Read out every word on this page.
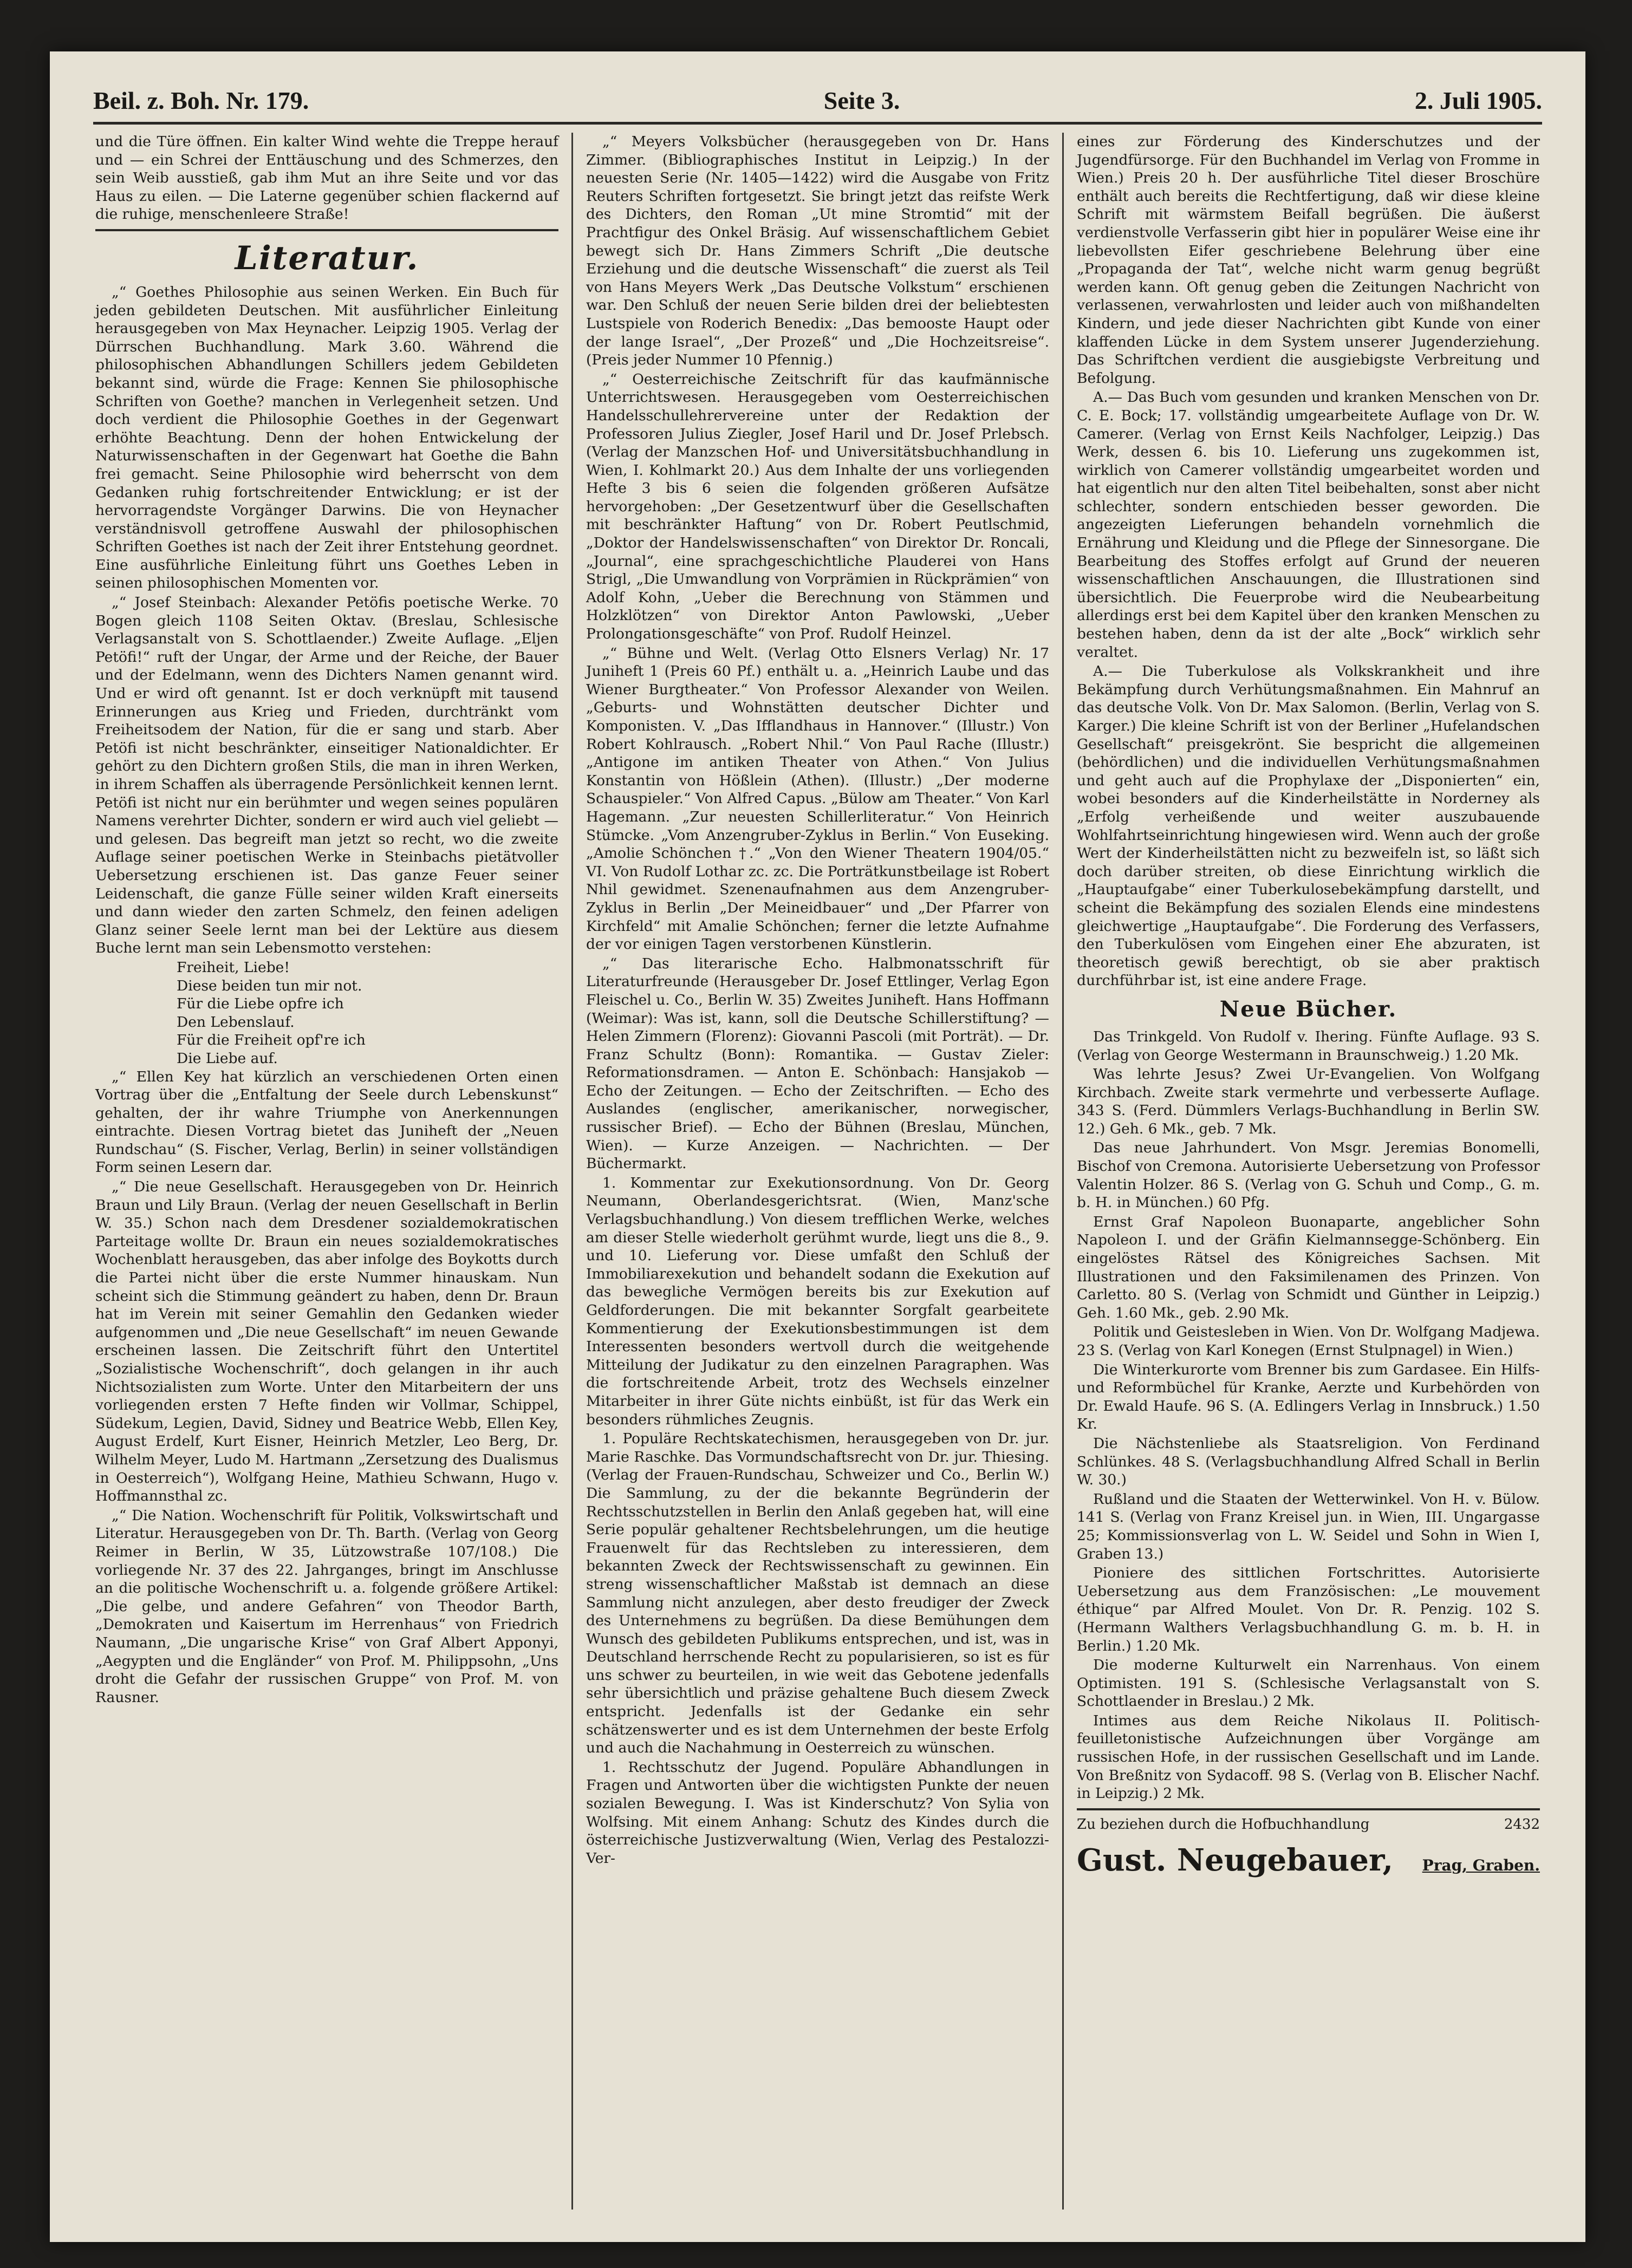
Beil. z. Boh. Nr. 179.	Seite 3.	2. Juli 1905.

und die Türe öffnen. Ein kalter Wind wehte die Treppe herauf und — ein Schrei der Enttäuschung und des Schmerzes, den sein Weib ausstieß, gab ihm Mut an ihre Seite und vor das Haus zu eilen. — Die Laterne gegenüber schien flackernd auf die ruhige, menschenleere Straße!

Literatur.

„“ Goethes Philosophie aus seinen Werken. Ein Buch für jeden gebildeten Deutschen. Mit ausführlicher Einleitung herausgegeben von Max Heynacher. Leipzig 1905. Verlag der Dürrschen Buchhandlung. Mark 3.60. Während die philosophischen Abhandlungen Schillers jedem Gebildeten bekannt sind, würde die Frage: Kennen Sie philosophische Schriften von Goethe? manchen in Verlegenheit setzen. Und doch verdient die Philosophie Goethes in der Gegenwart erhöhte Beachtung. Denn der hohen Entwickelung der Naturwissenschaften in der Gegenwart hat Goethe die Bahn frei gemacht. Seine Philosophie wird beherrscht von dem Gedanken ruhig fortschreitender Entwicklung; er ist der hervorragendste Vorgänger Darwins. Die von Heynacher verständnisvoll getroffene Auswahl der philosophischen Schriften Goethes ist nach der Zeit ihrer Entstehung geordnet. Eine ausführliche Einleitung führt uns Goethes Leben in seinen philosophischen Momenten vor.

„“ Josef Steinbach: Alexander Petöfis poetische Werke. 70 Bogen gleich 1108 Seiten Oktav. (Breslau, Schlesische Verlagsanstalt von S. Schottlaender.) Zweite Auflage. „Eljen Petöfi!“ ruft der Ungar, der Arme und der Reiche, der Bauer und der Edelmann, wenn des Dichters Namen genannt wird. Und er wird oft genannt. Ist er doch verknüpft mit tausend Erinnerungen aus Krieg und Frieden, durchtränkt vom Freiheitsodem der Nation, für die er sang und starb. Aber Petöfi ist nicht beschränkter, einseitiger Nationaldichter. Er gehört zu den Dichtern großen Stils, die man in ihren Werken, in ihrem Schaffen als überragende Persönlichkeit kennen lernt. Petöfi ist nicht nur ein berühmter und wegen seines populären Namens verehrter Dichter, sondern er wird auch viel geliebt — und gelesen. Das begreift man jetzt so recht, wo die zweite Auflage seiner poetischen Werke in Steinbachs pietätvoller Uebersetzung erschienen ist. Das ganze Feuer seiner Leidenschaft, die ganze Fülle seiner wilden Kraft einerseits und dann wieder den zarten Schmelz, den feinen adeligen Glanz seiner Seele lernt man bei der Lektüre aus diesem Buche lernt man sein Lebensmotto verstehen:

Freiheit, Liebe!

Diese beiden tun mir not.

Für die Liebe opfre ich

Den Lebenslauf.

Für die Freiheit opf're ich

Die Liebe auf.

„“ Ellen Key hat kürzlich an verschiedenen Orten einen Vortrag über die „Entfaltung der Seele durch Lebenskunst“ gehalten, der ihr wahre Triumphe von Anerkennungen eintrachte. Diesen Vortrag bietet das Juniheft der „Neuen Rundschau“ (S. Fischer, Verlag, Berlin) in seiner vollständigen Form seinen Lesern dar.

„“ Die neue Gesellschaft. Herausgegeben von Dr. Heinrich Braun und Lily Braun. (Verlag der neuen Gesellschaft in Berlin W. 35.) Schon nach dem Dresdener sozialdemokratischen Parteitage wollte Dr. Braun ein neues sozialdemokratisches Wochenblatt herausgeben, das aber infolge des Boykotts durch die Partei nicht über die erste Nummer hinauskam. Nun scheint sich die Stimmung geändert zu haben, denn Dr. Braun hat im Verein mit seiner Gemahlin den Gedanken wieder aufgenommen und „Die neue Gesellschaft“ im neuen Gewande erscheinen lassen. Die Zeitschrift führt den Untertitel „Sozialistische Wochenschrift“, doch gelangen in ihr auch Nichtsozialisten zum Worte. Unter den Mitarbeitern der uns vorliegenden ersten 7 Hefte finden wir Vollmar, Schippel, Südekum, Legien, David, Sidney und Beatrice Webb, Ellen Key, August Erdelf, Kurt Eisner, Heinrich Metzler, Leo Berg, Dr. Wilhelm Meyer, Ludo M. Hartmann „Zersetzung des Dualismus in Oesterreich“), Wolfgang Heine, Mathieu Schwann, Hugo v. Hoffmannsthal zc.

„“ Die Nation. Wochenschrift für Politik, Volkswirtschaft und Literatur. Herausgegeben von Dr. Th. Barth. (Verlag von Georg Reimer in Berlin, W 35, Lützowstraße 107/108.) Die vorliegende Nr. 37 des 22. Jahrganges, bringt im Anschlusse an die politische Wochenschrift u. a. folgende größere Artikel: „Die gelbe, und andere Gefahren“ von Theodor Barth, „Demokraten und Kaisertum im Herrenhaus“ von Friedrich Naumann, „Die ungarische Krise“ von Graf Albert Apponyi, „Aegypten und die Engländer“ von Prof. M. Philippsohn, „Uns droht die Gefahr der russischen Gruppe“ von Prof. M. von Rausner.

„“ Meyers Volksbücher (herausgegeben von Dr. Hans Zimmer. (Bibliographisches Institut in Leipzig.) In der neuesten Serie (Nr. 1405—1422) wird die Ausgabe von Fritz Reuters Schriften fortgesetzt. Sie bringt jetzt das reifste Werk des Dichters, den Roman „Ut mine Stromtid“ mit der Prachtfigur des Onkel Bräsig. Auf wissenschaftlichem Gebiet bewegt sich Dr. Hans Zimmers Schrift „Die deutsche Erziehung und die deutsche Wissenschaft“ die zuerst als Teil von Hans Meyers Werk „Das Deutsche Volkstum“ erschienen war. Den Schluß der neuen Serie bilden drei der beliebtesten Lustspiele von Roderich Benedix: „Das bemooste Haupt oder der lange Israel“, „Der Prozeß“ und „Die Hochzeitsreise“. (Preis jeder Nummer 10 Pfennig.)

„“ Oesterreichische Zeitschrift für das kaufmännische Unterrichtswesen. Herausgegeben vom Oesterreichischen Handelsschullehrervereine unter der Redaktion der Professoren Julius Ziegler, Josef Haril und Dr. Josef Prlebsch. (Verlag der Manzschen Hof- und Universitätsbuchhandlung in Wien, I. Kohlmarkt 20.) Aus dem Inhalte der uns vorliegenden Hefte 3 bis 6 seien die folgenden größeren Aufsätze hervorgehoben: „Der Gesetzentwurf über die Gesellschaften mit beschränkter Haftung“ von Dr. Robert Peutlschmid, „Doktor der Handelswissenschaften“ von Direktor Dr. Roncali, „Journal“, eine sprachgeschichtliche Plauderei von Hans Strigl, „Die Umwandlung von Vorprämien in Rückprämien“ von Adolf Kohn, „Ueber die Berechnung von Stämmen und Holzklötzen“ von Direktor Anton Pawlowski, „Ueber Prolongationsgeschäfte“ von Prof. Rudolf Heinzel.

„“ Bühne und Welt. (Verlag Otto Elsners Verlag) Nr. 17 Juniheft 1 (Preis 60 Pf.) enthält u. a. „Heinrich Laube und das Wiener Burgtheater.“ Von Professor Alexander von Weilen. „Geburts- und Wohnstätten deutscher Dichter und Komponisten. V. „Das Ifflandhaus in Hannover.“ (Illustr.) Von Robert Kohlrausch. „Robert Nhil.“ Von Paul Rache (Illustr.) „Antigone im antiken Theater von Athen.“ Von Julius Konstantin von Hößlein (Athen). (Illustr.) „Der moderne Schauspieler.“ Von Alfred Capus. „Bülow am Theater.“ Von Karl Hagemann. „Zur neuesten Schillerliteratur.“ Von Heinrich Stümcke. „Vom Anzengruber-Zyklus in Berlin.“ Von Euseking. „Amolie Schönchen †.“ „Von den Wiener Theatern 1904/05.“ VI. Von Rudolf Lothar zc. zc. Die Porträtkunstbeilage ist Robert Nhil gewidmet. Szenenaufnahmen aus dem Anzengruber-Zyklus in Berlin „Der Meineidbauer“ und „Der Pfarrer von Kirchfeld“ mit Amalie Schönchen; ferner die letzte Aufnahme der vor einigen Tagen verstorbenen Künstlerin.

„“ Das literarische Echo. Halbmonatsschrift für Literaturfreunde (Herausgeber Dr. Josef Ettlinger, Verlag Egon Fleischel u. Co., Berlin W. 35) Zweites Juniheft. Hans Hoffmann (Weimar): Was ist, kann, soll die Deutsche Schillerstiftung? — Helen Zimmern (Florenz): Giovanni Pascoli (mit Porträt). — Dr. Franz Schultz (Bonn): Romantika. — Gustav Zieler: Reformationsdramen. — Anton E. Schönbach: Hansjakob — Echo der Zeitungen. — Echo der Zeitschriften. — Echo des Auslandes (englischer, amerikanischer, norwegischer, russischer Brief). — Echo der Bühnen (Breslau, München, Wien). — Kurze Anzeigen. — Nachrichten. — Der Büchermarkt.

1. Kommentar zur Exekutionsordnung. Von Dr. Georg Neumann, Oberlandesgerichtsrat. (Wien, Manz'sche Verlagsbuchhandlung.) Von diesem trefflichen Werke, welches am dieser Stelle wiederholt gerühmt wurde, liegt uns die 8., 9. und 10. Lieferung vor. Diese umfaßt den Schluß der Immobiliarexekution und behandelt sodann die Exekution auf das bewegliche Vermögen bereits bis zur Exekution auf Geldforderungen. Die mit bekannter Sorgfalt gearbeitete Kommentierung der Exekutionsbestimmungen ist dem Interessenten besonders wertvoll durch die weitgehende Mitteilung der Judikatur zu den einzelnen Paragraphen. Was die fortschreitende Arbeit, trotz des Wechsels einzelner Mitarbeiter in ihrer Güte nichts einbüßt, ist für das Werk ein besonders rühmliches Zeugnis.

1. Populäre Rechtskatechismen, herausgegeben von Dr. jur. Marie Raschke. Das Vormundschaftsrecht von Dr. jur. Thiesing. (Verlag der Frauen-Rundschau, Schweizer und Co., Berlin W.) Die Sammlung, zu der die bekannte Begründerin der Rechtsschutzstellen in Berlin den Anlaß gegeben hat, will eine Serie populär gehaltener Rechtsbelehrungen, um die heutige Frauenwelt für das Rechtsleben zu interessieren, dem bekannten Zweck der Rechtswissenschaft zu gewinnen. Ein streng wissenschaftlicher Maßstab ist demnach an diese Sammlung nicht anzulegen, aber desto freudiger der Zweck des Unternehmens zu begrüßen. Da diese Bemühungen dem Wunsch des gebildeten Publikums entsprechen, und ist, was in Deutschland herrschende Recht zu popularisieren, so ist es für uns schwer zu beurteilen, in wie weit das Gebotene jedenfalls sehr übersichtlich und präzise gehaltene Buch diesem Zweck entspricht. Jedenfalls ist der Gedanke ein sehr schätzenswerter und es ist dem Unternehmen der beste Erfolg und auch die Nachahmung in Oesterreich zu wünschen.

1. Rechtsschutz der Jugend. Populäre Abhandlungen in Fragen und Antworten über die wichtigsten Punkte der neuen sozialen Bewegung. I. Was ist Kinderschutz? Von Sylia von Wolfsing. Mit einem Anhang: Schutz des Kindes durch die österreichische Justizverwaltung (Wien, Verlag des Pestalozzi-Ver-

eines zur Förderung des Kinderschutzes und der Jugendfürsorge. Für den Buchhandel im Verlag von Fromme in Wien.) Preis 20 h. Der ausführliche Titel dieser Broschüre enthält auch bereits die Rechtfertigung, daß wir diese kleine Schrift mit wärmstem Beifall begrüßen. Die äußerst verdienstvolle Verfasserin gibt hier in populärer Weise eine ihr liebevollsten Eifer geschriebene Belehrung über eine „Propaganda der Tat“, welche nicht warm genug begrüßt werden kann. Oft genug geben die Zeitungen Nachricht von verlassenen, verwahrlosten und leider auch von mißhandelten Kindern, und jede dieser Nachrichten gibt Kunde von einer klaffenden Lücke in dem System unserer Jugenderziehung. Das Schriftchen verdient die ausgiebigste Verbreitung und Befolgung.

A.— Das Buch vom gesunden und kranken Menschen von Dr. C. E. Bock; 17. vollständig umgearbeitete Auflage von Dr. W. Camerer. (Verlag von Ernst Keils Nachfolger, Leipzig.) Das Werk, dessen 6. bis 10. Lieferung uns zugekommen ist, wirklich von Camerer vollständig umgearbeitet worden und hat eigentlich nur den alten Titel beibehalten, sonst aber nicht schlechter, sondern entschieden besser geworden. Die angezeigten Lieferungen behandeln vornehmlich die Ernährung und Kleidung und die Pflege der Sinnesorgane. Die Bearbeitung des Stoffes erfolgt auf Grund der neueren wissenschaftlichen Anschauungen, die Illustrationen sind übersichtlich. Die Feuerprobe wird die Neubearbeitung allerdings erst bei dem Kapitel über den kranken Menschen zu bestehen haben, denn da ist der alte „Bock“ wirklich sehr veraltet.

A.— Die Tuberkulose als Volkskrankheit und ihre Bekämpfung durch Verhütungsmaßnahmen. Ein Mahnruf an das deutsche Volk. Von Dr. Max Salomon. (Berlin, Verlag von S. Karger.) Die kleine Schrift ist von der Berliner „Hufelandschen Gesellschaft“ preisgekrönt. Sie bespricht die allgemeinen (behördlichen) und die individuellen Verhütungsmaßnahmen und geht auch auf die Prophylaxe der „Disponierten“ ein, wobei besonders auf die Kinderheilstätte in Norderney als „Erfolg verheißende und weiter auszubauende Wohlfahrtseinrichtung hingewiesen wird. Wenn auch der große Wert der Kinderheilstätten nicht zu bezweifeln ist, so läßt sich doch darüber streiten, ob diese Einrichtung wirklich die „Hauptaufgabe“ einer Tuberkulosebekämpfung darstellt, und scheint die Bekämpfung des sozialen Elends eine mindestens gleichwertige „Hauptaufgabe“. Die Forderung des Verfassers, den Tuberkulösen vom Eingehen einer Ehe abzuraten, ist theoretisch gewiß berechtigt, ob sie aber praktisch durchführbar ist, ist eine andere Frage.

Neue Bücher.

Das Trinkgeld. Von Rudolf v. Ihering. Fünfte Auflage. 93 S. (Verlag von George Westermann in Braunschweig.) 1.20 Mk.

Was lehrte Jesus? Zwei Ur-Evangelien. Von Wolfgang Kirchbach. Zweite stark vermehrte und verbesserte Auflage. 343 S. (Ferd. Dümmlers Verlags-Buchhandlung in Berlin SW. 12.) Geh. 6 Mk., geb. 7 Mk.

Das neue Jahrhundert. Von Msgr. Jeremias Bonomelli, Bischof von Cremona. Autorisierte Uebersetzung von Professor Valentin Holzer. 86 S. (Verlag von G. Schuh und Comp., G. m. b. H. in München.) 60 Pfg.

Ernst Graf Napoleon Buonaparte, angeblicher Sohn Napoleon I. und der Gräfin Kielmannsegge-Schönberg. Ein eingelöstes Rätsel des Königreiches Sachsen. Mit Illustrationen und den Faksimilenamen des Prinzen. Von Carletto. 80 S. (Verlag von Schmidt und Günther in Leipzig.) Geh. 1.60 Mk., geb. 2.90 Mk.

Politik und Geistesleben in Wien. Von Dr. Wolfgang Madjewa. 23 S. (Verlag von Karl Konegen (Ernst Stulpnagel) in Wien.)

Die Winterkurorte vom Brenner bis zum Gardasee. Ein Hilfs- und Reformbüchel für Kranke, Aerzte und Kurbehörden von Dr. Ewald Haufe. 96 S. (A. Edlingers Verlag in Innsbruck.) 1.50 Kr.

Die Nächstenliebe als Staatsreligion. Von Ferdinand Schlünkes. 48 S. (Verlagsbuchhandlung Alfred Schall in Berlin W. 30.)

Rußland und die Staaten der Wetterwinkel. Von H. v. Bülow. 141 S. (Verlag von Franz Kreisel jun. in Wien, III. Ungargasse 25; Kommissionsverlag von L. W. Seidel und Sohn in Wien I, Graben 13.)

Pioniere des sittlichen Fortschrittes. Autorisierte Uebersetzung aus dem Französischen: „Le mouvement éthique“ par Alfred Moulet. Von Dr. R. Penzig. 102 S. (Hermann Walthers Verlagsbuchhandlung G. m. b. H. in Berlin.) 1.20 Mk.

Die moderne Kulturwelt ein Narrenhaus. Von einem Optimisten. 191 S. (Schlesische Verlagsanstalt von S. Schottlaender in Breslau.) 2 Mk.

Intimes aus dem Reiche Nikolaus II. Politisch-feuilletonistische Aufzeichnungen über Vorgänge am russischen Hofe, in der russischen Gesellschaft und im Lande. Von Breßnitz von Sydacoff. 98 S. (Verlag von B. Elischer Nachf. in Leipzig.) 2 Mk.

Zu beziehen durch die Hofbuchhandlung	2432

Gust. Neugebauer, Prag, Graben.
